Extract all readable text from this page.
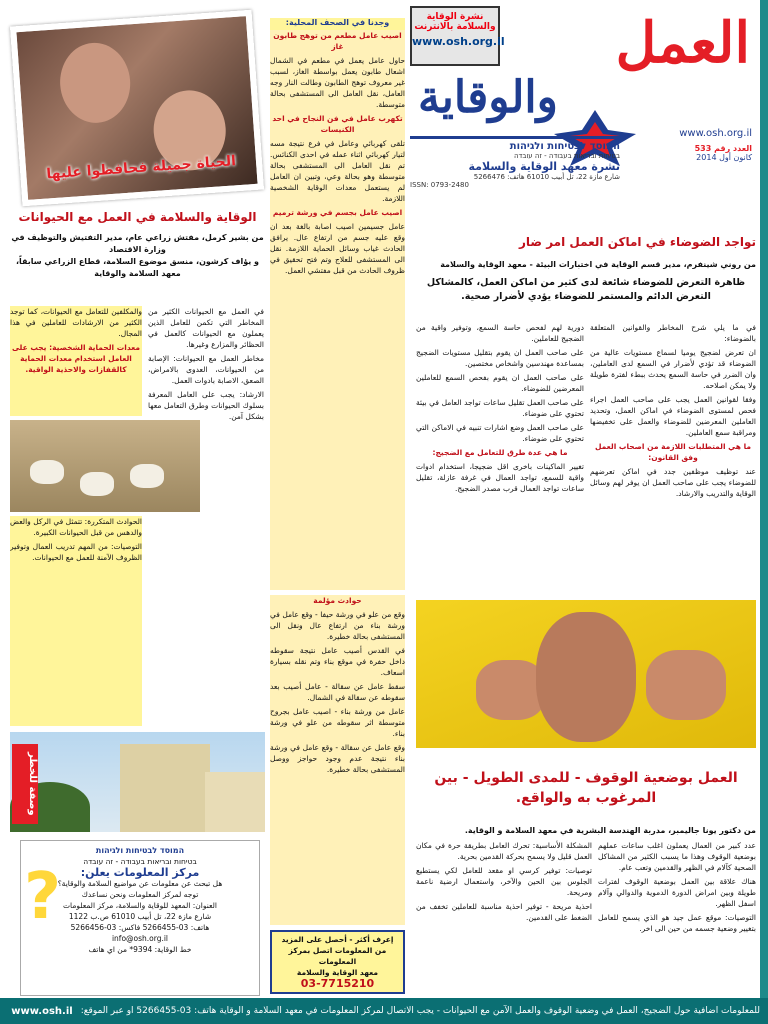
نشرة الوقاية والسلامة بالانترنت
www.osh.org.il العمل
والوقاية
www.osh.org.il
العدد رقم 533
كانون أول 2014
המוסד לבטיחות ולגיהות
בטיחות ובריאות בעבודה - זה עובדה
نشرة معهد الوقاية والسلامة
شارع مازة 22، تل أبيب 61010 هاتف: 5266476
ISSN: 0793-2480
الحياة جميلة فحافظوا عليها
وجدنا في الصحف المحلية:

اصيب عامل مطعم من توهج طابون غاز

حاول عامل يعمل في مطعم في الشمال اشعال طابون يعمل بواسطة الغاز، لسبب غير معروف توهج الطابون وطالت النار وجه العامل، نقل العامل الى المستشفى بحالة متوسطة.

تكهرب عامل في فن النجاح في احد الكنيسات

تلقى كهربائي وعامل في فرع نتيجة مسه لتيار كهربائي اثناء عمله في احدى الكنائس. تم نقل العامل الى المستشفى بحالة متوسطة وهو بحالة وعي، وتبين ان العامل لم يستعمل معدات الوقاية الشخصية اللازمة.

اصيب عامل بجسم في ورشة ترميم

عامل جسيمين اصيب اصابة بالغة بعد ان وقع عليه جسم من ارتفاع عال. يرافق الحادث غياب وسائل الحماية اللازمة. نقل الى المستشفى للعلاج وتم فتح تحقيق في ظروف الحادث من قبل مفتشي العمل.

حوادث مؤلمة

وقع من علو في ورشة حيفا - وقع عامل في ورشة بناء من ارتفاع عال ونقل الى المستشفى بحالة خطيرة.

في القدس أصيب عامل نتيجة سقوطه داخل حفرة في موقع بناء وتم نقله بسيارة اسعاف.

سقط عامل عن سقالة - عامل أصيب بعد سقوطه عن سقالة في الشمال.

عامل من ورشة بناء - اصيب عامل بجروح متوسطة اثر سقوطه من علو في ورشة بناء.

وقع عامل عن سقالة - وقع عامل في ورشة بناء نتيجة عدم وجود حواجز ووصل المستشفى بحالة خطيرة.

إعرف أكثر - أحصل على المزيد
من المعلومات اتصل بمركز المعلومات
معهد الوقاية والسلامة
03-7715210
تواجد الضوضاء في اماكن العمل امر ضار
من روني شينفرم، مدير قسم الوقاية في اختبارات البيئة - معهد الوقاية والسلامة
ظاهرة التعرض للضوضاء شائعة لدى كثير من اماكن العمل، كالمشاكل التعرض الدائم والمستمر للضوضاء يؤدي لأضرار صحية.

في ما يلي شرح المخاطر والقوانين المتعلقة بالضوضاء:

ان تعرض لضجيج يوميا لسماع مستويات عالية من الضوضاء قد تؤدي لأضرار في السمع لدى العاملين، وان الضرر في حاسة السمع يحدث ببطء لفترة طويلة ولا يمكن اصلاحه.

وفقا لقوانين العمل يجب على صاحب العمل اجراء فحص لمستوى الضوضاء في اماكن العمل، وتحديد العاملين المعرضين للضوضاء والعمل على تخفيضها ومراقبة سمع العاملين.

ما هي المتطلبات اللازمة من اصحاب العمل وفق القانون:

عند توظيف موظفين جدد في اماكن تعرضهم للضوضاء يجب على صاحب العمل ان يوفر لهم وسائل الوقاية والتدريب والارشاد.

دورية لهم لفحص حاسة السمع، وتوفير واقية من الضجيج للعاملين.

على صاحب العمل ان يقوم بتقليل مستويات الضجيج بمساعدة مهندسين واشخاص مختصين.

على صاحب العمل ان يقوم بفحص السمع للعاملين المعرضين للضوضاء.

على صاحب العمل تقليل ساعات تواجد العامل في بيئة تحتوي على ضوضاء.

على صاحب العمل وضع اشارات تنبيه في الاماكن التي تحتوي على ضوضاء.

ما هي عدة طرق للتعامل مع الضجيج:

تغيير الماكينات باخرى اقل ضجيجا، استخدام ادوات واقية للسمع، تواجد العمال في غرفة عازلة، تقليل ساعات تواجد العمال قرب مصدر الضجيج.

العمل بوضعية الوقوف - للمدى الطويل - بين المرغوب به والواقع.
من دكتور يونا جاليمبر، مدربة الهندسة البشرية في معهد السلامة و الوقاية.

عدد كبير من العمال يعملون اغلب ساعات عملهم بوضعية الوقوف وهذا ما يسبب الكثير من المشاكل الصحية كآلام في الظهر والقدمين وتعب عام.

هناك علاقة بين العمل بوضعية الوقوف لفترات طويلة وبين امراض الدورة الدموية والدوالي وآلام اسفل الظهر.

التوصيات: موقع عمل جيد هو الذي يسمح للعامل بتغيير وضعية جسمه من حين الى اخر.

المشكلة الأساسية: تحرك العامل بطريقة حرة في مكان العمل قليل ولا يسمح بحركة القدمين بحرية.

توصيات: توفير كرسي او مقعد للعامل لكي يستطيع الجلوس بين الحين والآخر، واستعمال ارضية ناعمة ومريحة.

احذية مريحة - توفير احذية مناسبة للعاملين تخفف من الضغط على القدمين.

الوقاية والسلامة في العمل مع الحيوانات
من بشير كرمل، مفتش زراعي عام، مدير التفتيش والتوظيف في وزارة الاقتصاد
و يؤاف كرشون، منسق موضوع السلامة، قطاع الزراعي سابقاً، معهد السلامة والوقاية

في العمل مع الحيوانات الكثير من المخاطر التي تكمن للعامل الذين يعملون مع الحيوانات كالعمل في الحظائر والمزارع وغيرها.

مخاطر العمل مع الحيوانات: الإصابة من الحيوانات، العدوى بالامراض، الصعق، الاصابة بادوات العمل.

الارشاد: يجب على العامل المعرفة بسلوك الحيوانات وطرق التعامل معها بشكل آمن.

والمكلفين للتعامل مع الحيوانات، كما توجد الكثير من الارشادات للعاملين في هذا المجال.

معدات الحماية الشخصية: يجب على العامل استخدام معدات الحماية كالقفازات والاحذية الواقية.

الحوادث المتكررة: تتمثل في الركل والعض والدهس من قبل الحيوانات الكبيرة.

التوصيات: من المهم تدريب العمال وتوفير الظروف الآمنة للعمل مع الحيوانات.

وصفة للخطر
המוסד לבטיחות ולגיהות
בטיחות ובריאות בעבודה - זה עובדה
مركز المعلومات يعلن:
هل تبحث عن معلومات عن مواضيع السلامة والوقاية؟
توجه لمركز المعلومات ونحن نساعدك
العنوان: المعهد للوقاية والسلامة، مركز المعلومات
شارع مازة 22، تل أبيب 61010 ص.ب 1122
هاتف: 03-5266455 فاكس: 03-5266456
info@osh.org.il
خط الوقاية: 9394* من اي هاتف
?
للمعلومات اضافية حول الضجيج، العمل في وضعية الوقوف والعمل الآمن مع الحيوانات - يجب الاتصال لمركز المعلومات في معهد السلامة و الوقاية هاتف: 03-5266455 او عبر الموقع:
www.osh.il
